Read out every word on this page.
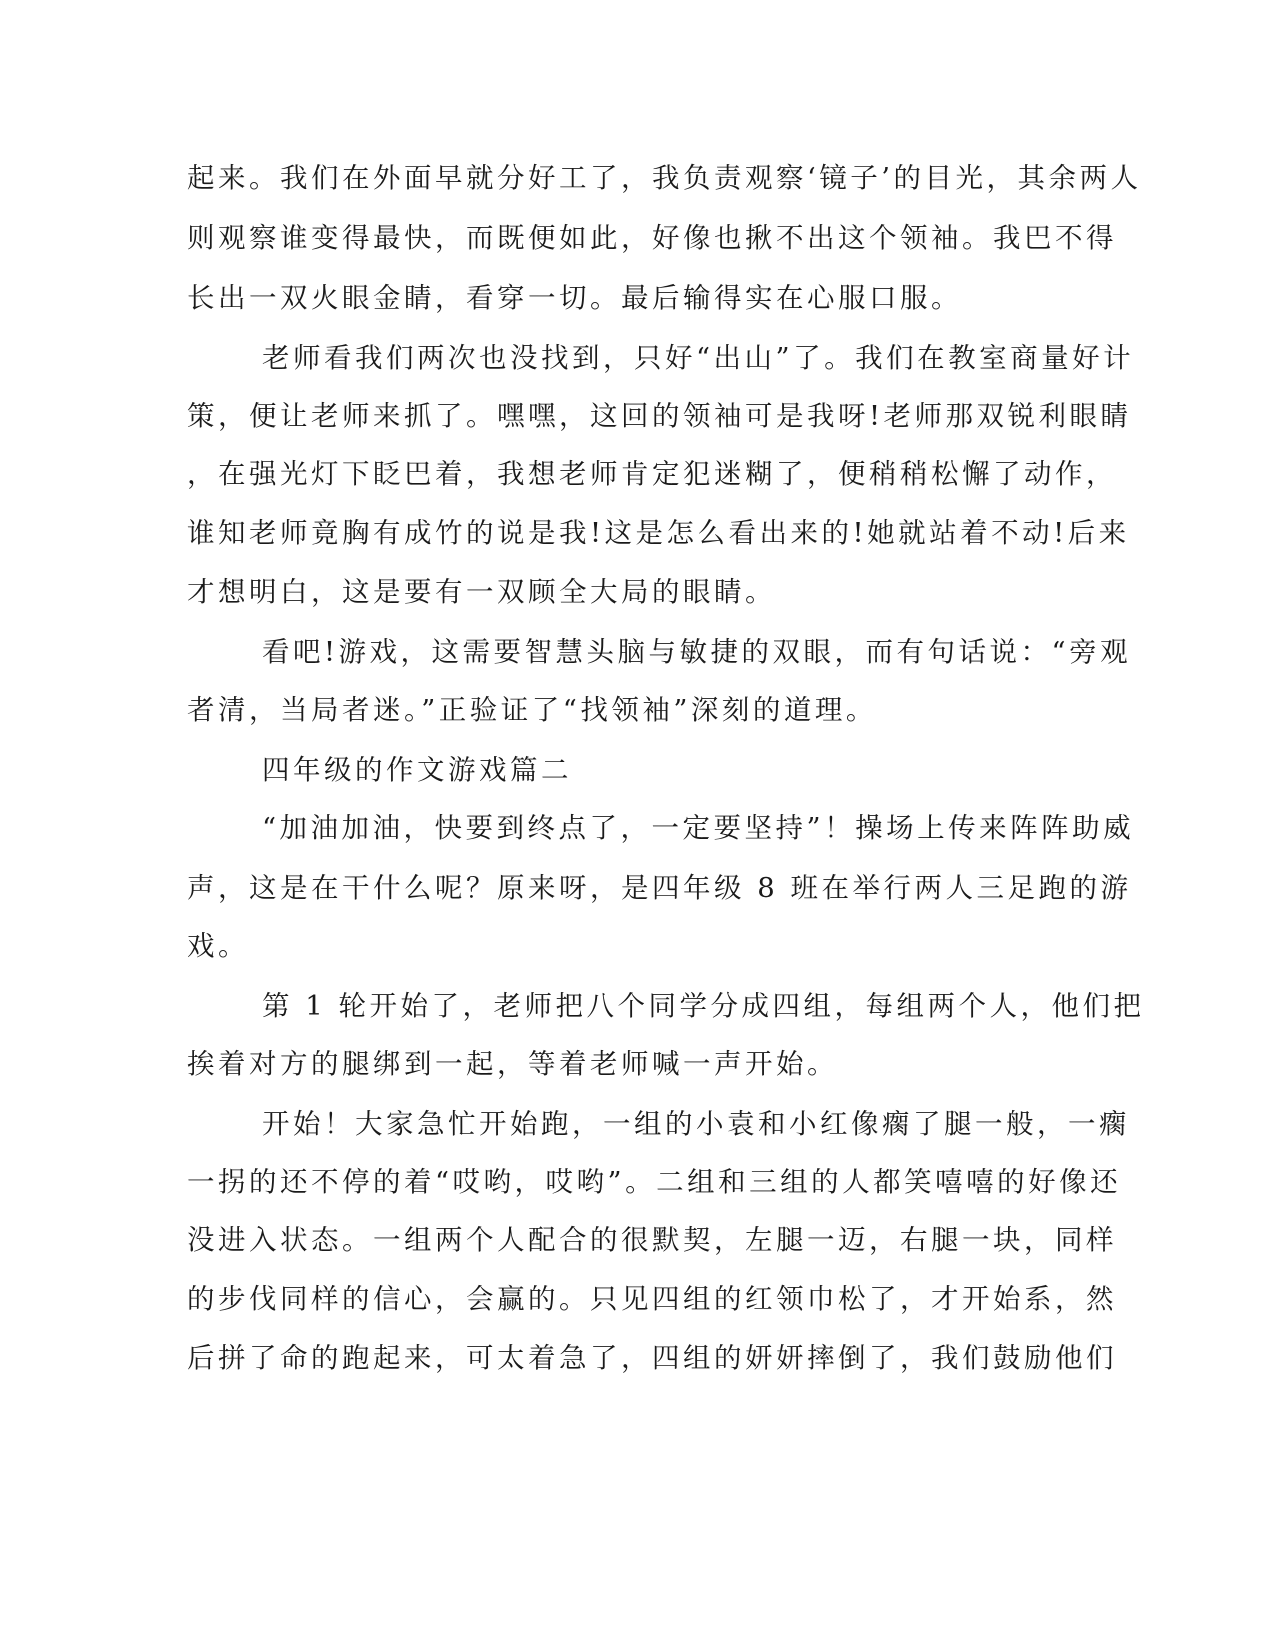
起来。我们在外面早就分好工了，我负责观察‘镜子’的目光，其余两人
则观察谁变得最快，而既便如此，好像也揪不出这个领袖。我巴不得
长出一双火眼金睛，看穿一切。最后输得实在心服口服。
老师看我们两次也没找到，只好“出山”了。我们在教室商量好计
策，便让老师来抓了。嘿嘿，这回的领袖可是我呀!老师那双锐利眼睛
，在强光灯下眨巴着，我想老师肯定犯迷糊了，便稍稍松懈了动作，
谁知老师竟胸有成竹的说是我!这是怎么看出来的!她就站着不动!后来
才想明白，这是要有一双顾全大局的眼睛。
看吧!游戏，这需要智慧头脑与敏捷的双眼，而有句话说：“旁观
者清，当局者迷。”正验证了“找领袖”深刻的道理。
四年级的作文游戏篇二
“加油加油，快要到终点了，一定要坚持”！操场上传来阵阵助威
声，这是在干什么呢？原来呀，是四年级 8 班在举行两人三足跑的游
戏。
第 1 轮开始了，老师把八个同学分成四组，每组两个人，他们把
挨着对方的腿绑到一起，等着老师喊一声开始。
开始！大家急忙开始跑，一组的小袁和小红像瘸了腿一般，一瘸
一拐的还不停的着“哎哟，哎哟”。二组和三组的人都笑嘻嘻的好像还
没进入状态。一组两个人配合的很默契，左腿一迈，右腿一块，同样
的步伐同样的信心，会赢的。只见四组的红领巾松了，才开始系，然
后拼了命的跑起来，可太着急了，四组的妍妍摔倒了，我们鼓励他们
